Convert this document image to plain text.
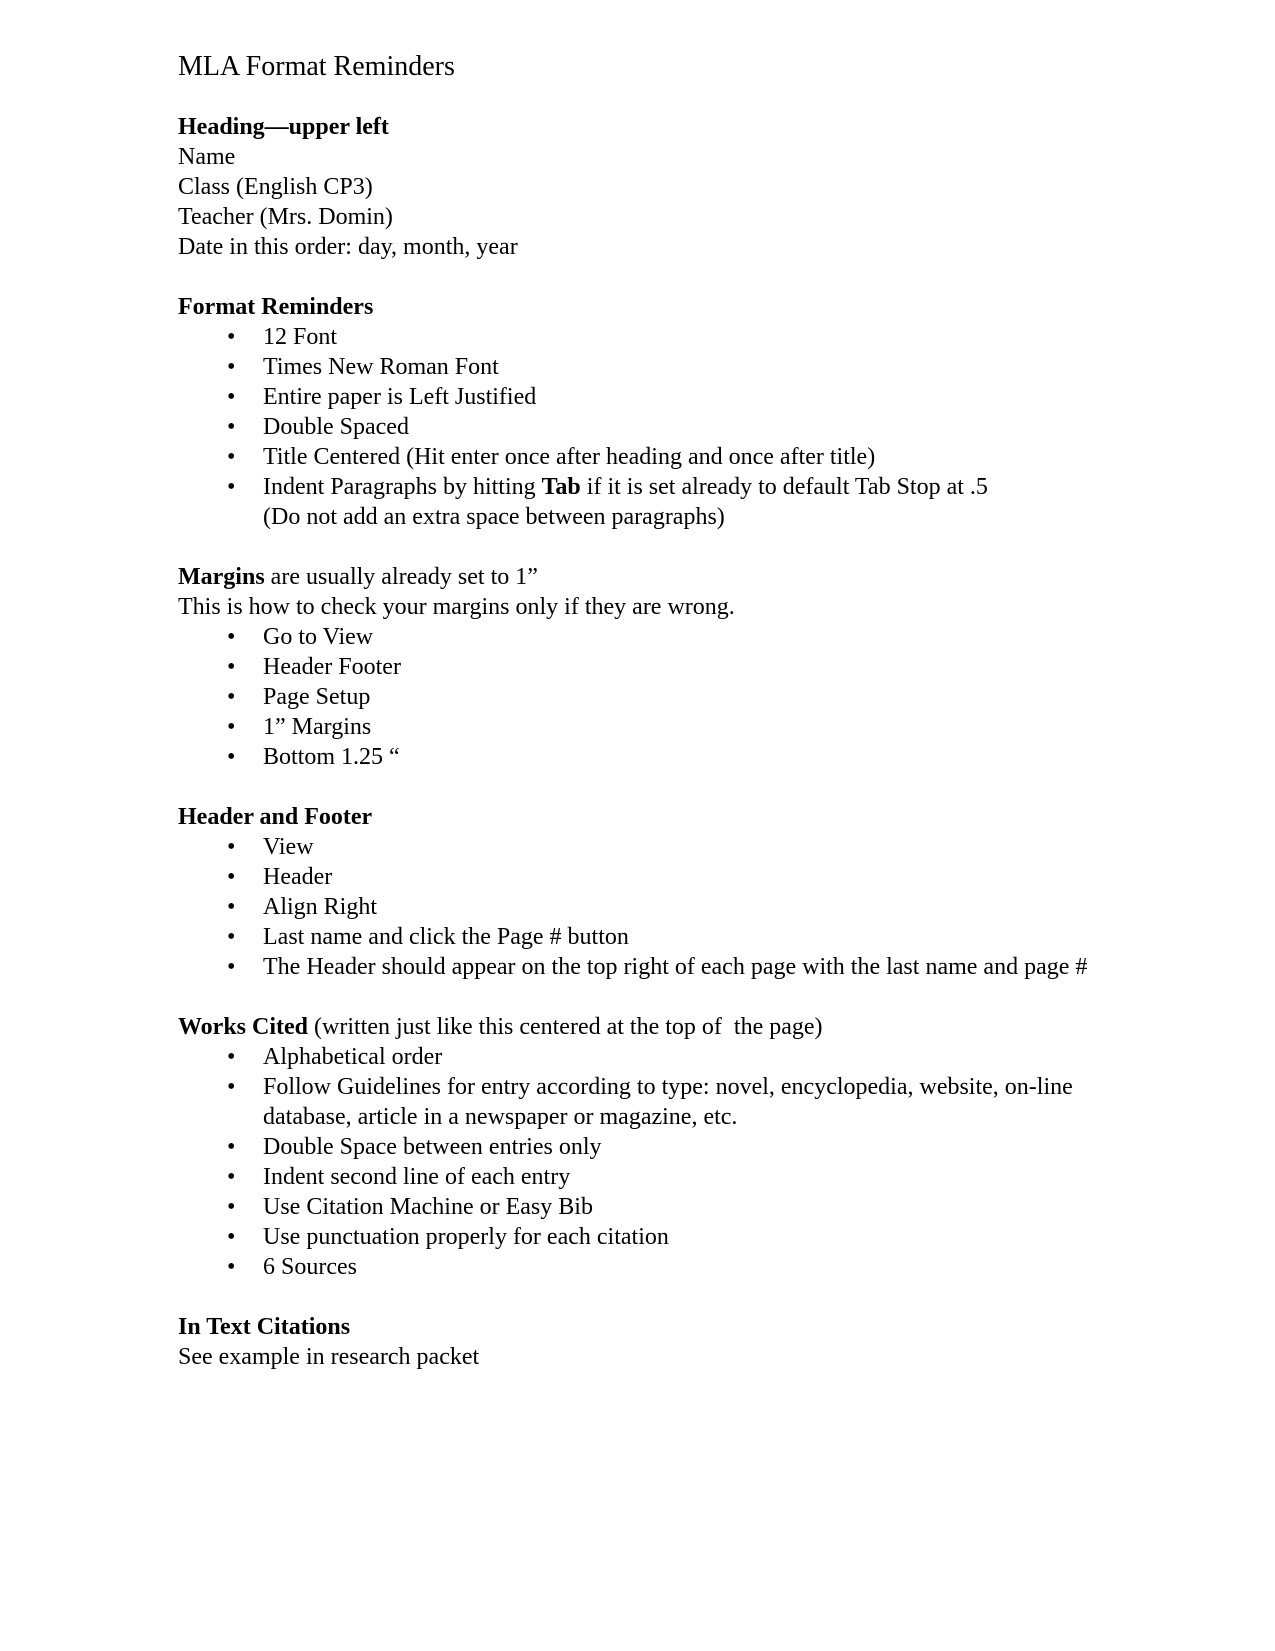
MLA Format Reminders

Heading—upper left

Name

Class (English CP3)

Teacher (Mrs. Domin)

Date in this order: day, month, year

Format Reminders

• 12 Font
• Times New Roman Font
• Entire paper is Left Justified
• Double Spaced
• Title Centered (Hit enter once after heading and once after title)
• Indent Paragraphs by hitting Tab if it is set already to default Tab Stop at .5
(Do not add an extra space between paragraphs)

Margins are usually already set to 1”

This is how to check your margins only if they are wrong.

• Go to View
• Header Footer
• Page Setup
• 1” Margins
• Bottom 1.25 “

Header and Footer

• View
• Header
• Align Right
• Last name and click the Page # button
• The Header should appear on the top right of each page with the last name and page #

Works Cited (written just like this centered at the top of  the page)

• Alphabetical order
• Follow Guidelines for entry according to type: novel, encyclopedia, website, on-line database, article in a newspaper or magazine, etc.
• Double Space between entries only
• Indent second line of each entry
• Use Citation Machine or Easy Bib
• Use punctuation properly for each citation
• 6 Sources

In Text Citations

See example in research packet
